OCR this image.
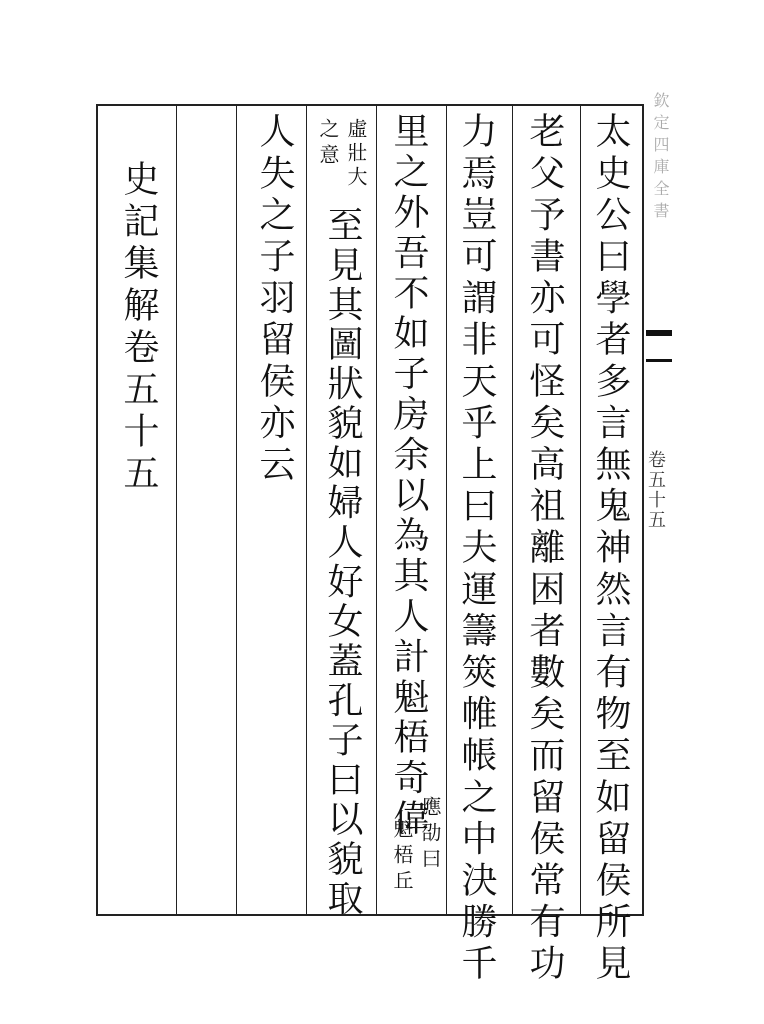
欽定四庫全書
卷五十五
太史公曰學者多言無鬼神然言有物至如留侯所見
老父予書亦可怪矣高祖離困者數矣而留侯常有功
力焉豈可謂非天乎上曰夫運籌筴帷帳之中決勝千
里之外吾不如子房余以為其人計魁梧奇偉
應劭曰
魁梧丘
虛壯大
之意
至見其圖狀貌如婦人好女蓋孔子曰以貌取
人失之子羽留侯亦云
史記集解卷五十五
